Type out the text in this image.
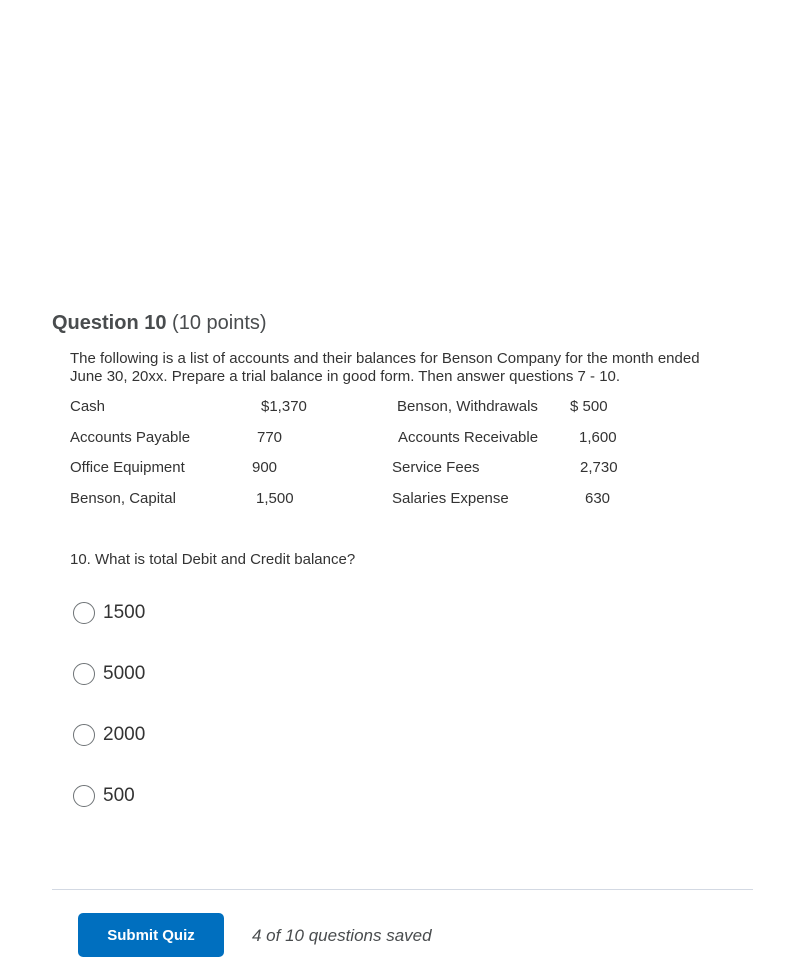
Question 10 (10 points)
The following is a list of accounts and their balances for Benson Company for the month ended
June 30, 20xx. Prepare a trial balance in good form. Then answer questions 7 - 10.
Cash	$1,370	Benson, Withdrawals $ 500
Accounts Payable	770	Accounts Receivable	1,600
Office Equipment	900	Service Fees	2,730
Benson, Capital	1,500	Salaries Expense	630
10. What is total Debit and Credit balance?
1500
5000
2000
500
Submit Quiz	4 of 10 questions saved
